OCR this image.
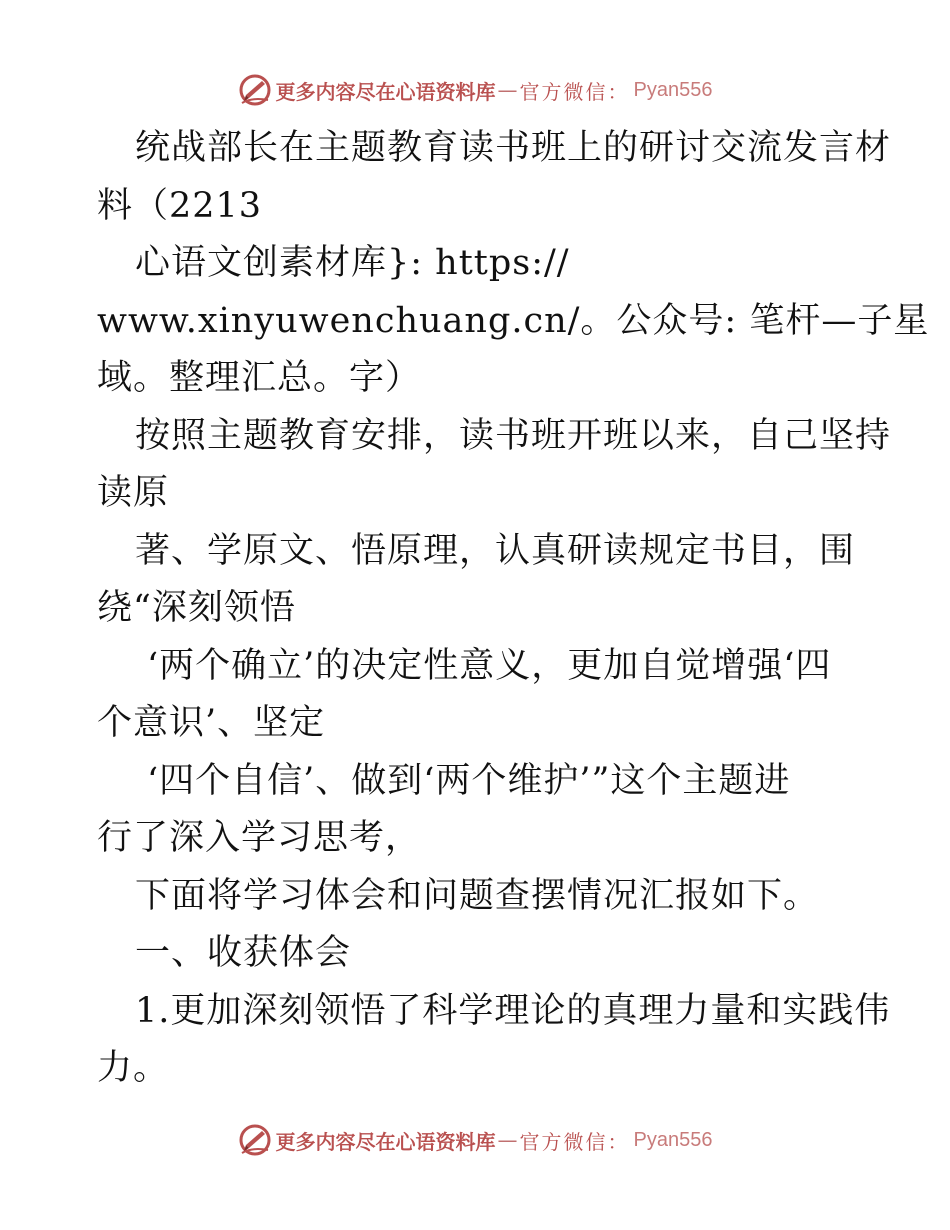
更多内容尽在心语资料库 — 官方微信： Pyan556
统战部长在主题教育读书班上的研讨交流发言材
料（2213
心语文创素材库}: https://
www.xinyuwenchuang.cn/。公众号: 笔杆—子星
域。整理汇总。字）
按照主题教育安排，读书班开班以来，自己坚持
读原
著、学原文、悟原理，认真研读规定书目，围
绕“深刻领悟
‘两个确立’的决定性意义，更加自觉增强‘四
个意识’、坚定
‘四个自信’、做到‘两个维护’”这个主题进
行了深入学习思考，
下面将学习体会和问题查摆情况汇报如下。
一、收获体会
1.更加深刻领悟了科学理论的真理力量和实践伟
力。
更多内容尽在心语资料库 — 官方微信： Pyan556
